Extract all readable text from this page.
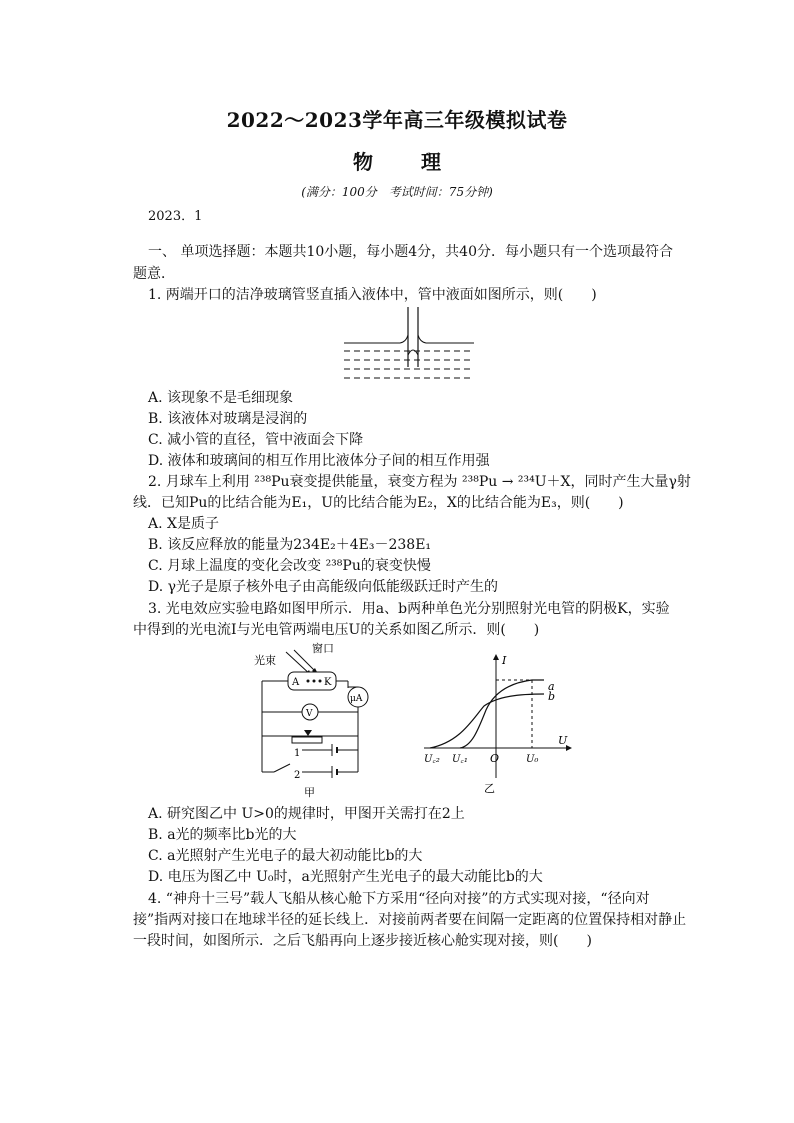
2022～2023学年高三年级模拟试卷
物理
(满分：100分　考试时间：75分钟)
2023．1
一、 单项选择题：本题共10小题，每小题4分，共40分．每小题只有一个选项最符合
题意．
1. 两端开口的洁净玻璃管竖直插入液体中，管中液面如图所示，则(　　)
A. 该现象不是毛细现象
B. 该液体对玻璃是浸润的
C. 减小管的直径，管中液面会下降
D. 液体和玻璃间的相互作用比液体分子间的相互作用强
2. 月球车上利用 ²³⁸Pu衰变提供能量，衰变方程为 ²³⁸Pu → ²³⁴U＋X，同时产生大量γ射
线．已知Pu的比结合能为E₁，U的比结合能为E₂，X的比结合能为E₃，则(　　)
A. X是质子
B. 该反应释放的能量为234E₂＋4E₃－238E₁
C. 月球上温度的变化会改变 ²³⁸Pu的衰变快慢
D. γ光子是原子核外电子由高能级向低能级跃迁时产生的
3. 光电效应实验电路如图甲所示．用a、b两种单色光分别照射光电管的阴极K，实验
中得到的光电流I与光电管两端电压U的关系如图乙所示．则(　　)
窗口
光束
A K
μA
V
1
2
甲
I
U
O
a
b
U꜀₂ U꜀₁	U₀
乙
A. 研究图乙中 U>0的规律时，甲图开关需打在2上
B. a光的频率比b光的大
C. a光照射产生光电子的最大初动能比b的大
D. 电压为图乙中 U₀时，a光照射产生光电子的最大动能比b的大
4. “神舟十三号”载人飞船从核心舱下方采用“径向对接”的方式实现对接，“径向对
接”指两对接口在地球半径的延长线上．对接前两者要在间隔一定距离的位置保持相对静止
一段时间，如图所示．之后飞船再向上逐步接近核心舱实现对接，则(　　)
